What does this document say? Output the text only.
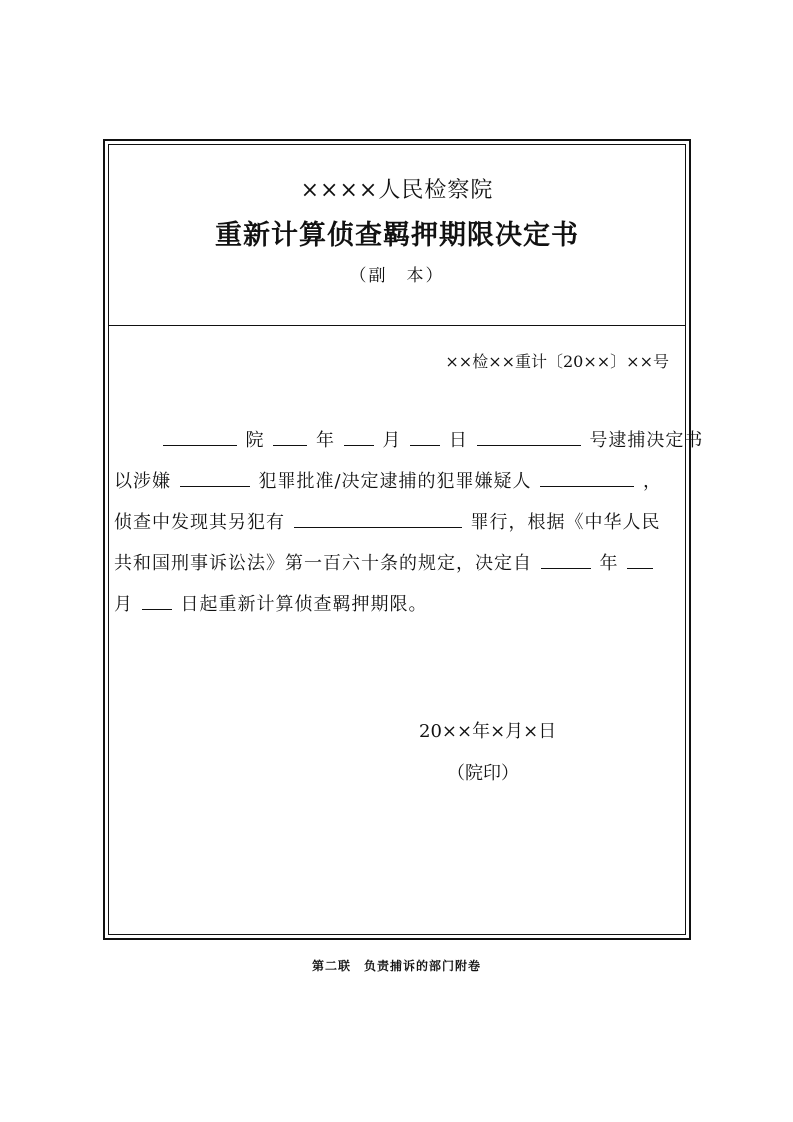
××××人民检察院
重新计算侦查羁押期限决定书
（副　本）
××检××重计〔20××〕××号
院	年	月	日	号逮捕决定书
以涉嫌	犯罪批准/决定逮捕的犯罪嫌疑人	，
侦查中发现其另犯有	罪行，根据《中华人民
共和国刑事诉讼法》第一百六十条的规定，决定自	年
月	日起重新计算侦查羁押期限。
20××年×月×日
（院印）
第二联　负责捕诉的部门附卷
